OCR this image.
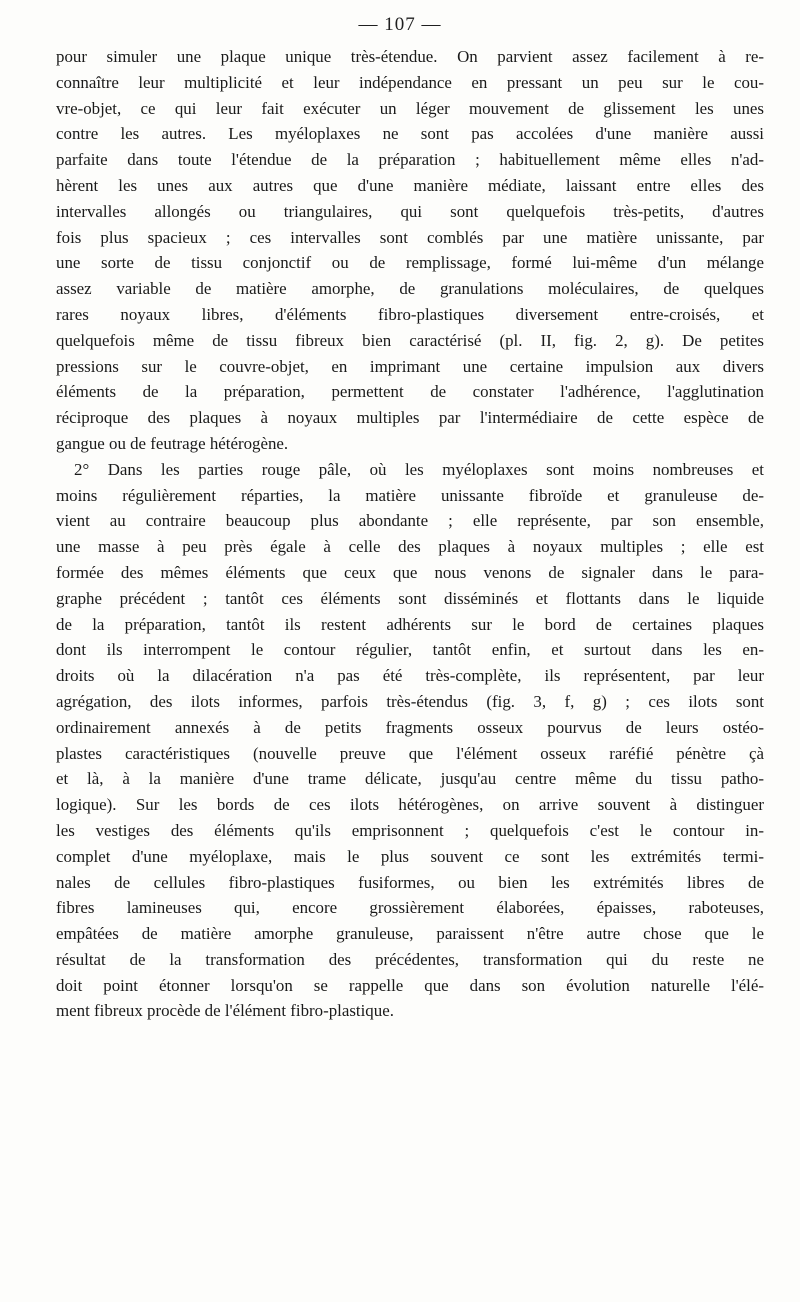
— 107 —
pour simuler une plaque unique très-étendue. On parvient assez facilement à re-
connaître leur multiplicité et leur indépendance en pressant un peu sur le cou-
vre-objet, ce qui leur fait exécuter un léger mouvement de glissement les unes
contre les autres. Les myéloplaxes ne sont pas accolées d'une manière aussi
parfaite dans toute l'étendue de la préparation ; habituellement même elles n'ad-
hèrent les unes aux autres que d'une manière médiate, laissant entre elles des
intervalles allongés ou triangulaires, qui sont quelquefois très-petits, d'autres
fois plus spacieux ; ces intervalles sont comblés par une matière unissante, par
une sorte de tissu conjonctif ou de remplissage, formé lui-même d'un mélange
assez variable de matière amorphe, de granulations moléculaires, de quelques
rares noyaux libres, d'éléments fibro-plastiques diversement entre-croisés, et
quelquefois même de tissu fibreux bien caractérisé (pl. II, fig. 2, g). De petites
pressions sur le couvre-objet, en imprimant une certaine impulsion aux divers
éléments de la préparation, permettent de constater l'adhérence, l'agglutination
réciproque des plaques à noyaux multiples par l'intermédiaire de cette espèce de
gangue ou de feutrage hétérogène.
2° Dans les parties rouge pâle, où les myéloplaxes sont moins nombreuses et
moins régulièrement réparties, la matière unissante fibroïde et granuleuse de-
vient au contraire beaucoup plus abondante ; elle représente, par son ensemble,
une masse à peu près égale à celle des plaques à noyaux multiples ; elle est
formée des mêmes éléments que ceux que nous venons de signaler dans le para-
graphe précédent ; tantôt ces éléments sont disséminés et flottants dans le liquide
de la préparation, tantôt ils restent adhérents sur le bord de certaines plaques
dont ils interrompent le contour régulier, tantôt enfin, et surtout dans les en-
droits où la dilacération n'a pas été très-complète, ils représentent, par leur
agrégation, des ilots informes, parfois très-étendus (fig. 3, f, g) ; ces ilots sont
ordinairement annexés à de petits fragments osseux pourvus de leurs ostéo-
plastes caractéristiques (nouvelle preuve que l'élément osseux raréfié pénètre çà
et là, à la manière d'une trame délicate, jusqu'au centre même du tissu patho-
logique). Sur les bords de ces ilots hétérogènes, on arrive souvent à distinguer
les vestiges des éléments qu'ils emprisonnent ; quelquefois c'est le contour in-
complet d'une myéloplaxe, mais le plus souvent ce sont les extrémités termi-
nales de cellules fibro-plastiques fusiformes, ou bien les extrémités libres de
fibres lamineuses qui, encore grossièrement élaborées, épaisses, raboteuses,
empâtées de matière amorphe granuleuse, paraissent n'être autre chose que le
résultat de la transformation des précédentes, transformation qui du reste ne
doit point étonner lorsqu'on se rappelle que dans son évolution naturelle l'élé-
ment fibreux procède de l'élément fibro-plastique.
